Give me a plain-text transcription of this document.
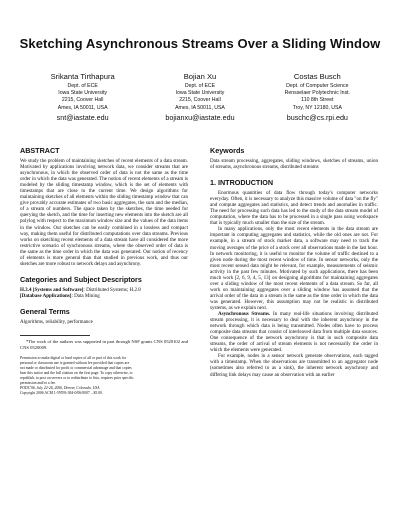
Sketching Asynchronous Streams Over a Sliding Window
Srikanta Tirthapura
Dept. of ECE
Iowa State University
2215, Coover Hall
Ames, IA 50011, USA
snt@iastate.edu
Bojian Xu
Dept. of ECE
Iowa State University
2215, Coover Hall
Ames, IA 50011, USA
bojianxu@iastate.edu
Costas Busch
Dept. of Computer Science
Rensselaer Polytechnic Inst.
110 8th Street
Troy, NY 12180, USA
buschc@cs.rpi.edu
ABSTRACT

We study the problem of maintaining sketches of recent elements of a data stream. Motivated by applications involving network data, we consider streams that are asynchronous, in which the observed order of data is not the same as the time order in which the data was generated. The notion of recent elements of a stream is modeled by the sliding timestamp window, which is the set of elements with timestamps that are close to the current time. We design algorithms for maintaining sketches of all elements within the sliding timestamp window that can give provably accurate estimates of two basic aggregates, the sum and the median, of a stream of numbers. The space taken by the sketches, the time needed for querying the sketch, and the time for inserting new elements into the sketch are all polylog with respect to the maximum window size and the values of the data items in the window. Our sketches can be easily combined in a lossless and compact way, making them useful for distributed computations over data streams. Previous works on sketching recent elements of a data stream have all considered the more restrictive scenario of synchronous streams, where the observed order of data is the same as the time order in which the data was generated. Our notion of recency of elements is more general than that studied in previous work, and thus our sketches are more robust to network delays and asynchrony.

Categories and Subject Descriptors

H.3.4 [Systems and Software]: Distributed Systems; H.2.8
[Database Applications]: Data Mining

General Terms

Algorithms, reliability, performance

*The work of the authors was supported in part through NSF grants CNS 0520102 and CNS 0520009.

Permission to make digital or hard copies of all or part of this work for
personal or classroom use is granted without fee provided that copies are
not made or distributed for profit or commercial advantage and that copies
bear this notice and the full citation on the first page. To copy otherwise, to
republish, to post on servers or to redistribute to lists, requires prior specific
permission and/or a fee.
PODC'06, July 22-26, 2006, Denver, Colorado, USA.
Copyright 2006 ACM 1-59593-384-0/06/0007 ...$5.00.
Keywords

Data stream processing, aggregates, sliding windows, sketches of streams, union of streams, asynchronous streams, distributed streams

1. INTRODUCTION

Enormous quantities of data flow through today's computer networks everyday. Often, it is necessary to analyze this massive volume of data "on the fly" and compute aggregates and statistics, and detect trends and anomalies in traffic. The need for processing such data has led to the study of the data stream model of computation, where the data has to be processed in a single pass using workspace that is typically much smaller than the size of the stream.

In many applications, only the most recent elements in the data stream are important in computing aggregates and statistics, while the old ones are not. For example, in a stream of stock market data, a software may need to track the moving averages of the price of a stock over all observations made in the last hour. In network monitoring, it is useful to monitor the volume of traffic destined to a given node during the most recent window of time. In sensor networks, only the most recent sensed data might be relevant, for example, measurements of seismic activity in the past few minutes. Motivated by such applications, there has been much work [2, 6, 9, 4, 5, 13] on designing algorithms for maintaining aggregates over a sliding window of the most recent elements of a data stream. So far, all work on maintaining aggregates over a sliding window has assumed that the arrival order of the data in a stream is the same as the time order in which the data was generated. However, this assumption may not be realistic in distributed systems, as we explain next.

Asynchronous Streams. In many real-life situations involving distributed stream processing, it is necessary to deal with the inherent asynchrony in the network through which data is being transmitted. Nodes often have to process composite data streams that consist of interleaved data from multiple data sources. One consequence of the network asynchrony is that in such composite data streams, the order of arrival of stream elements is not necessarily the order in which the elements were generated.

For example, nodes in a sensor network generate observations, each tagged with a timestamp. When the observations are transmitted to an aggregator node (sometimes also referred to as a sink), the inherent network asynchrony and differing link delays may cause an observation with an earlier
